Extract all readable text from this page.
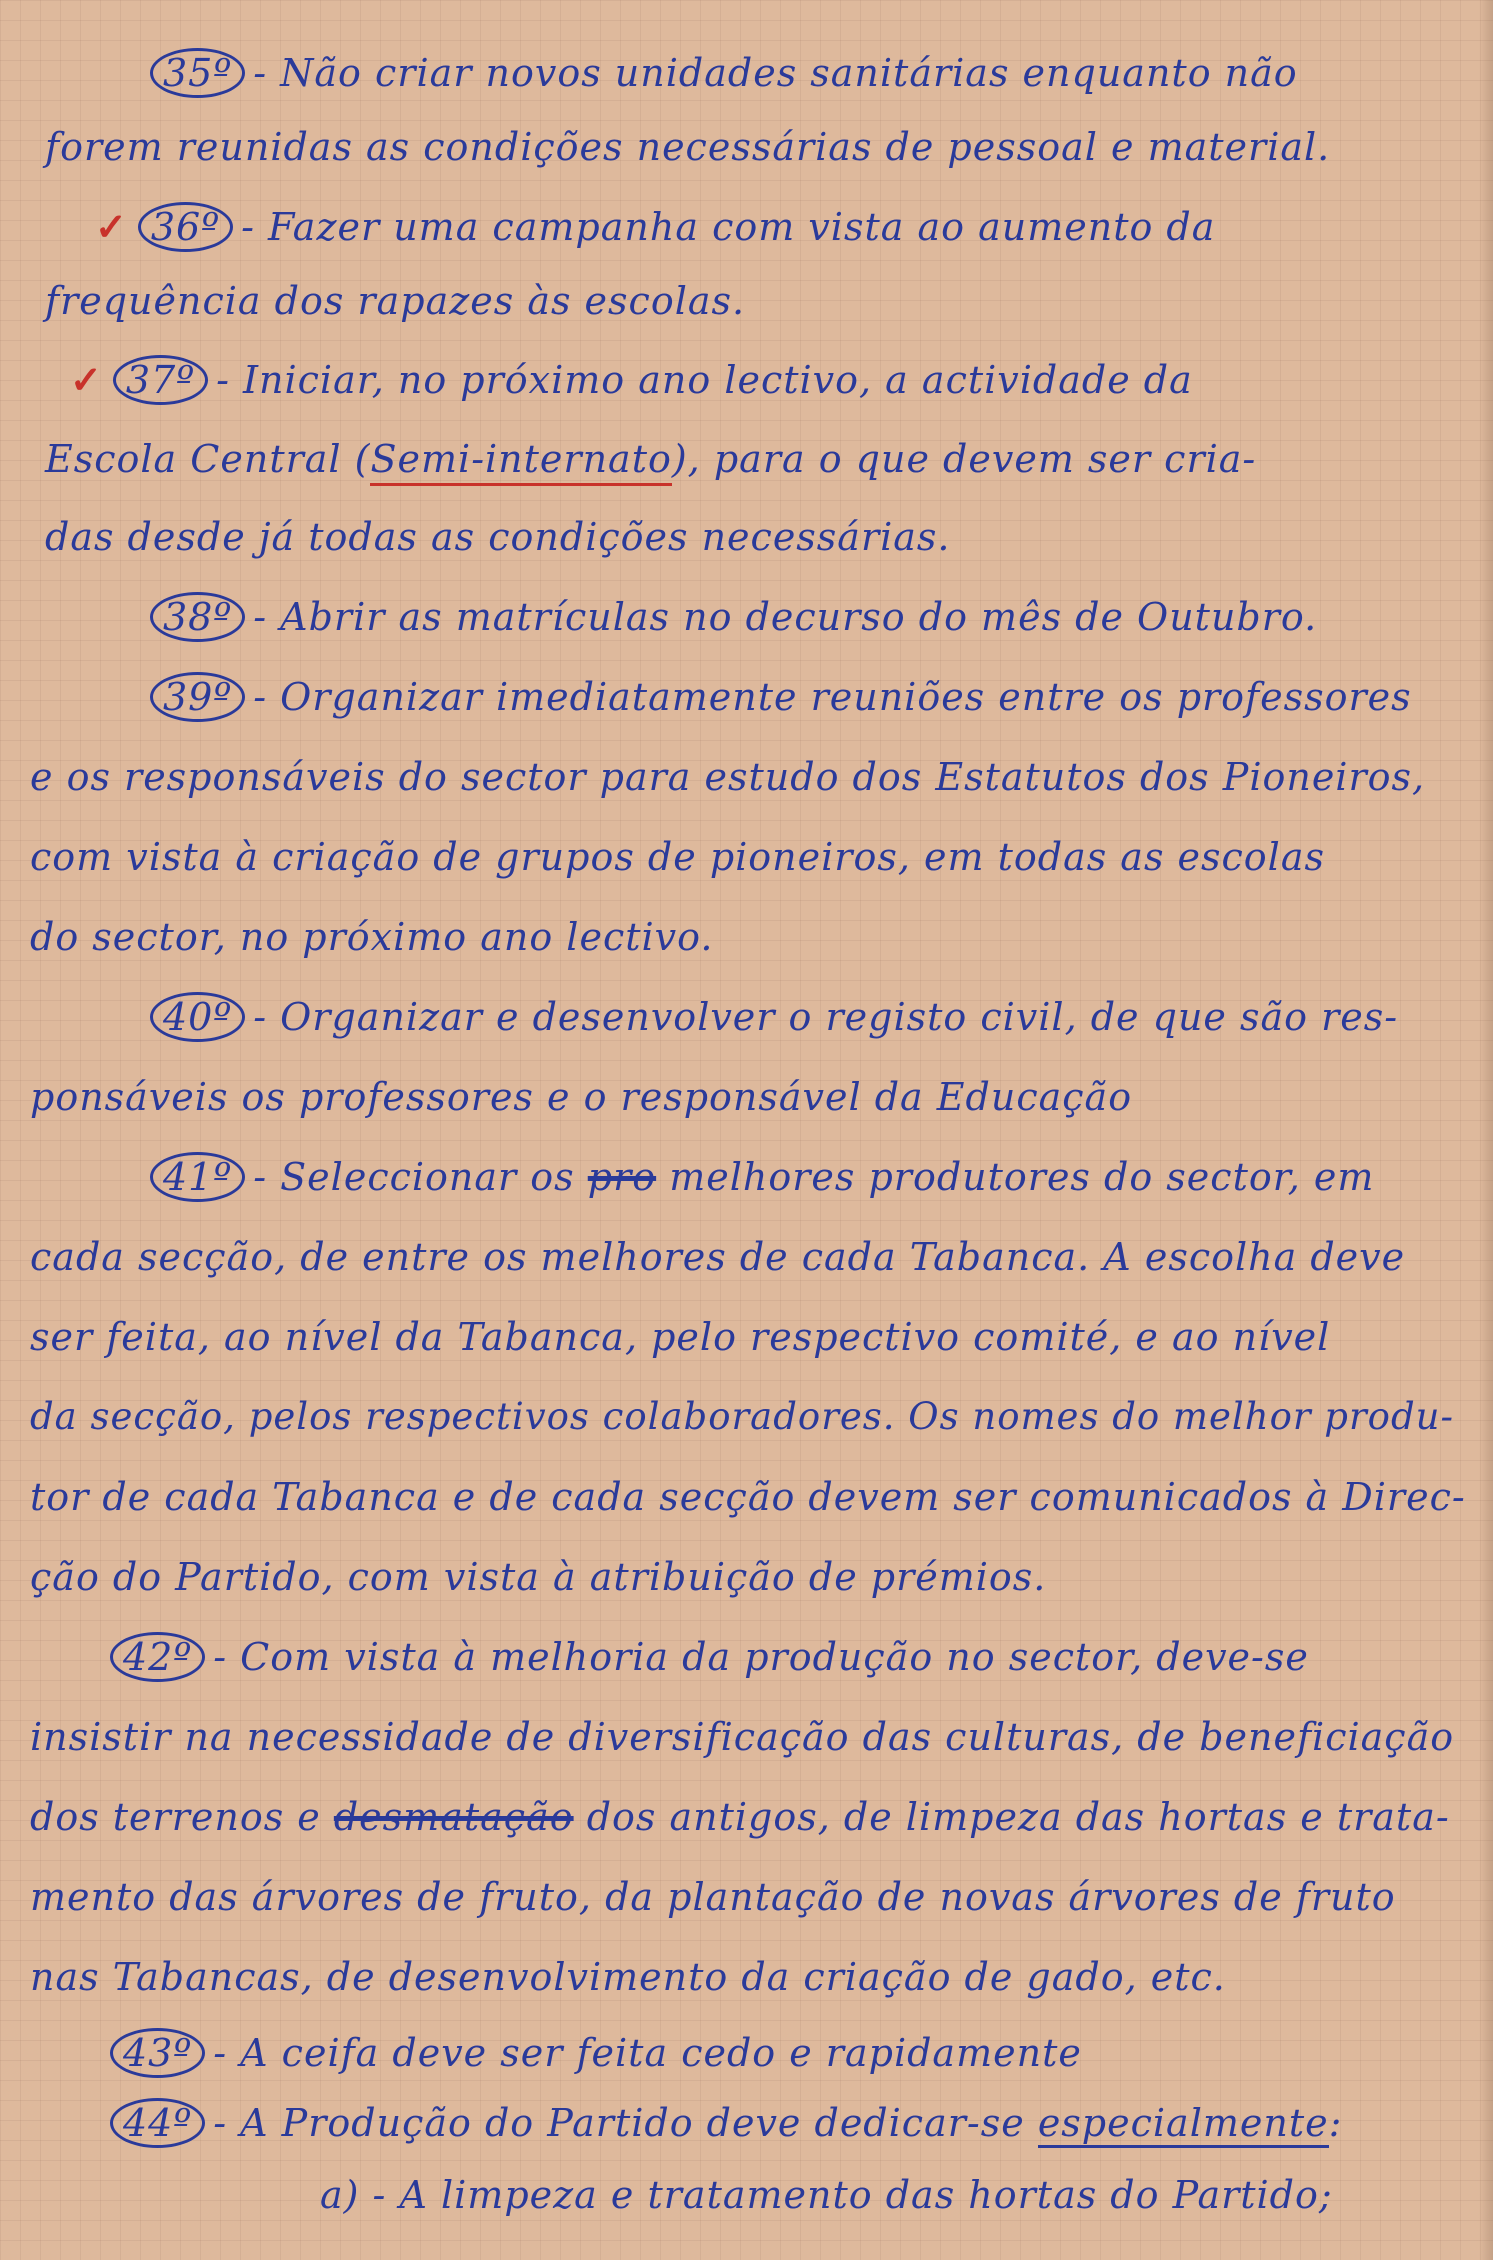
35º - Não criar novos unidades sanitárias enquanto não
forem reunidas as condições necessárias de pessoal e material.
✓ 36º - Fazer uma campanha com vista ao aumento da
frequência dos rapazes às escolas.
✓ 37º - Iniciar, no próximo ano lectivo, a actividade da
Escola Central (Semi-internato), para o que devem ser cria-
das desde já todas as condições necessárias.
38º - Abrir as matrículas no decurso do mês de Outubro.
39º - Organizar imediatamente reuniões entre os professores
e os responsáveis do sector para estudo dos Estatutos dos Pioneiros,
com vista à criação de grupos de pioneiros, em todas as escolas
do sector, no próximo ano lectivo.
40º - Organizar e desenvolver o registo civil, de que são res-
ponsáveis os professores e o responsável da Educação
41º - Seleccionar os pro melhores produtores do sector, em
cada secção, de entre os melhores de cada Tabanca. A escolha deve
ser feita, ao nível da Tabanca, pelo respectivo comité, e ao nível
da secção, pelos respectivos colaboradores. Os nomes do melhor produ-
tor de cada Tabanca e de cada secção devem ser comunicados à Direc-
ção do Partido, com vista à atribuição de prémios.
42º - Com vista à melhoria da produção no sector, deve-se
insistir na necessidade de diversificação das culturas, de beneficiação
dos terrenos e desmatação dos antigos, de limpeza das hortas e trata-
mento das árvores de fruto, da plantação de novas árvores de fruto
nas Tabancas, de desenvolvimento da criação de gado, etc.
43º - A ceifa deve ser feita cedo e rapidamente
44º - A Produção do Partido deve dedicar-se especialmente:
a) - A limpeza e tratamento das hortas do Partido;
